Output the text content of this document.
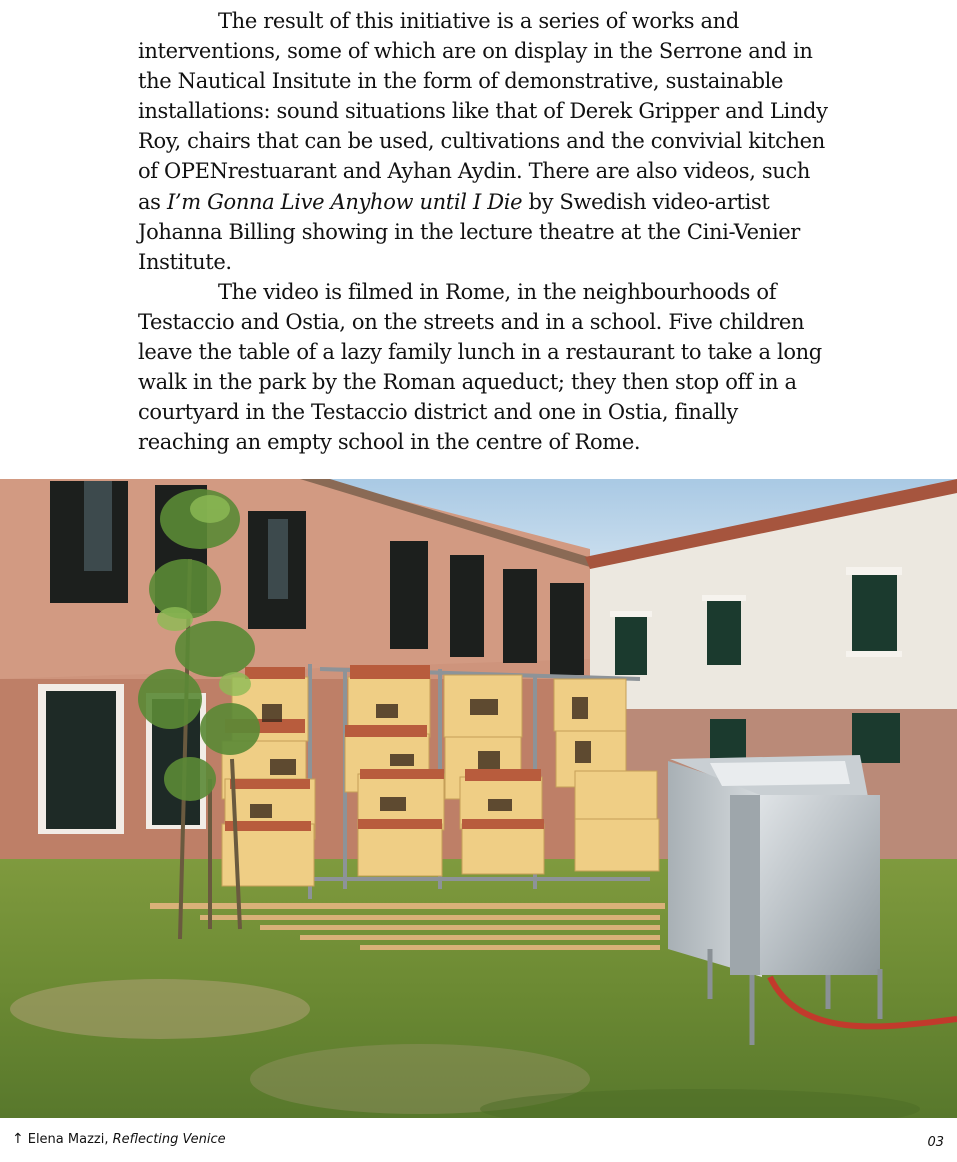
The result of this initiative is a series of works and interventions, some of which are on display in the Serrone and in the Nautical Insitute in the form of demonstrative, sustainable installations: sound situations like that of Derek Gripper and Lindy Roy, chairs that can be used, cultivations and the convivial kitchen of OPENrestuarant and Ayhan Aydin. There are also videos, such as I’m Gonna Live Anyhow until I Die by Swedish video-artist Johanna Billing showing in the lecture theatre at the Cini-Venier Institute.

The video is filmed in Rome, in the neighbourhoods of Testaccio and Ostia, on the streets and in a school. Five children leave the table of a lazy family lunch in a restaurant to take a long walk in the park by the Roman aqueduct; they then stop off in a courtyard in the Testaccio district and one in Ostia, finally reaching an empty school in the centre of Rome.

↑ Elena Mazzi, Reflecting Venice	03
